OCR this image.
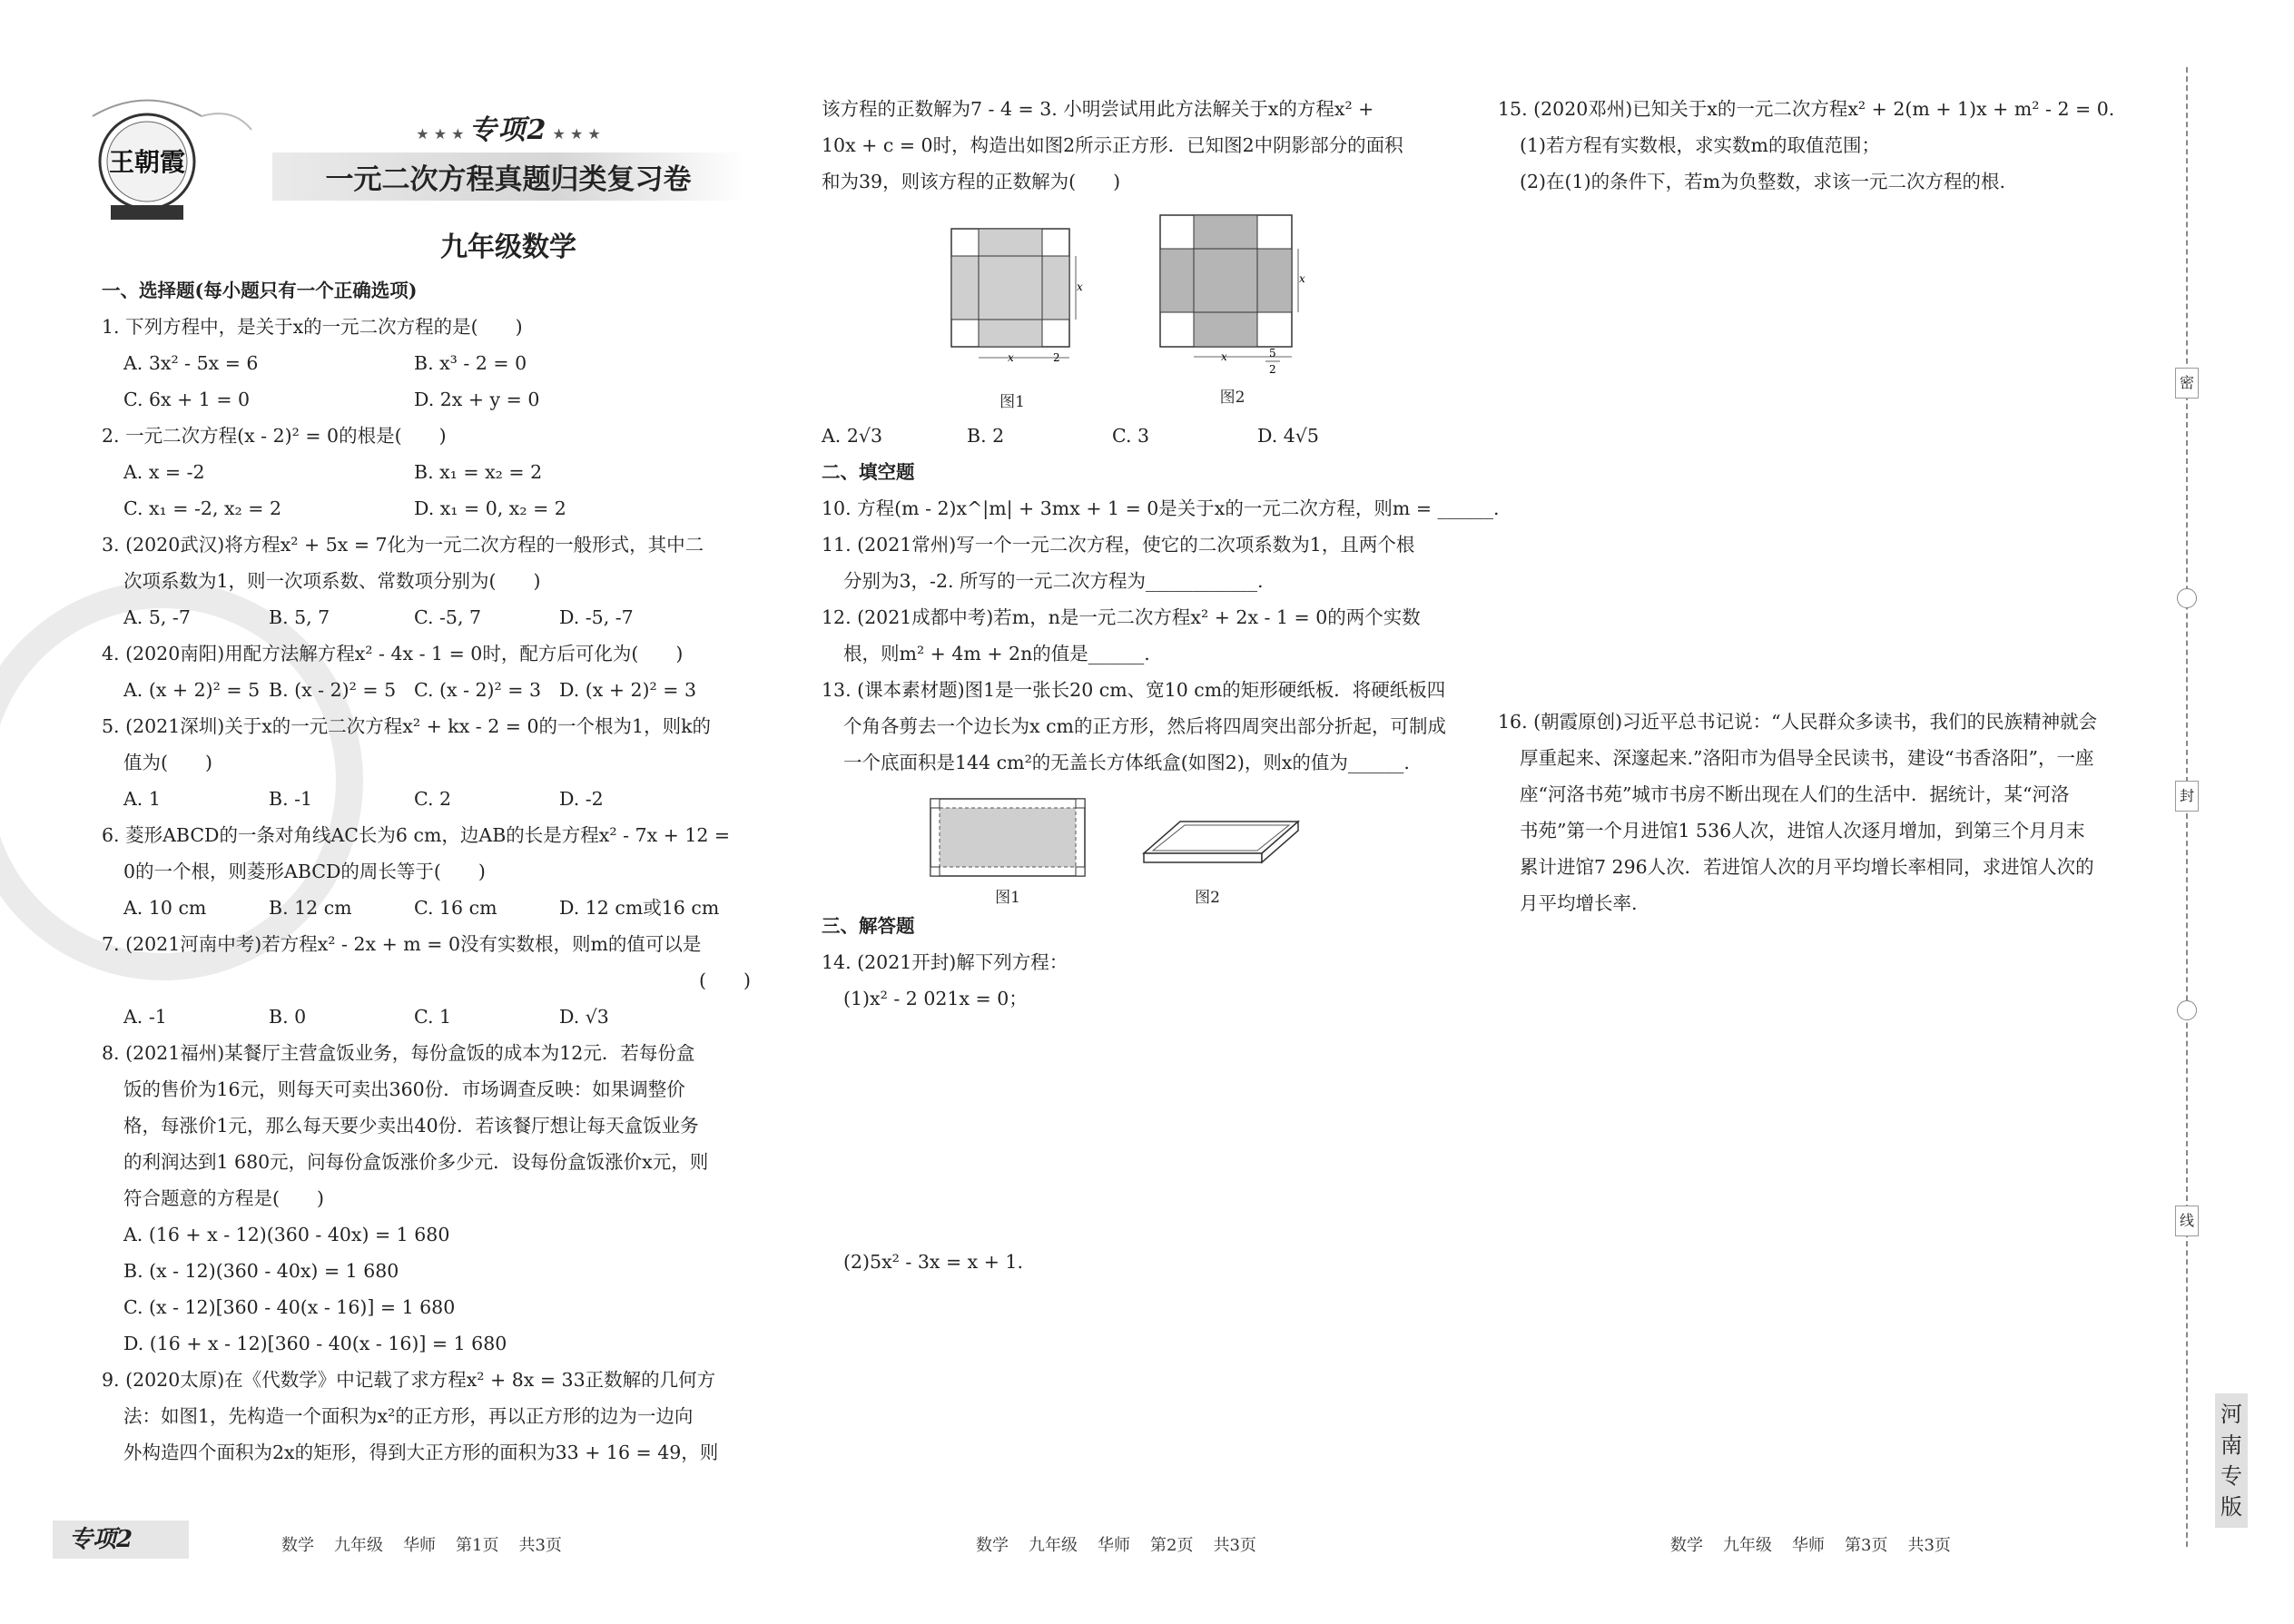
王朝霞
★ ★ ★ 专项2 ★ ★ ★
一元二次方程真题归类复习卷
九年级数学
一、选择题(每小题只有一个正确选项)
1. 下列方程中，是关于x的一元二次方程的是(　　)
A. 3x² - 5x = 6	B. x³ - 2 = 0
C. 6x + 1 = 0	D. 2x + y = 0
2. 一元二次方程(x - 2)² = 0的根是(　　)
A. x = -2	B. x₁ = x₂ = 2
C. x₁ = -2, x₂ = 2	D. x₁ = 0, x₂ = 2
3. (2020武汉)将方程x² + 5x = 7化为一元二次方程的一般形式，其中二
次项系数为1，则一次项系数、常数项分别为(　　)
A. 5, -7	B. 5, 7	C. -5, 7	D. -5, -7
4. (2020南阳)用配方法解方程x² - 4x - 1 = 0时，配方后可化为(　　)
A. (x + 2)² = 5 B. (x - 2)² = 5 C. (x - 2)² = 3 D. (x + 2)² = 3
5. (2021深圳)关于x的一元二次方程x² + kx - 2 = 0的一个根为1，则k的
值为(　　)
A. 1	B. -1	C. 2	D. -2
6. 菱形ABCD的一条对角线AC长为6 cm，边AB的长是方程x² - 7x + 12 =
0的一个根，则菱形ABCD的周长等于(　　)
A. 10 cm	B. 12 cm	C. 16 cm	D. 12 cm或16 cm
7. (2021河南中考)若方程x² - 2x + m = 0没有实数根，则m的值可以是
(　　)
A. -1	B. 0	C. 1	D. √3
8. (2021福州)某餐厅主营盒饭业务，每份盒饭的成本为12元．若每份盒
饭的售价为16元，则每天可卖出360份．市场调查反映：如果调整价
格，每涨价1元，那么每天要少卖出40份．若该餐厅想让每天盒饭业务
的利润达到1 680元，问每份盒饭涨价多少元．设每份盒饭涨价x元，则
符合题意的方程是(　　)
A. (16 + x - 12)(360 - 40x) = 1 680
B. (x - 12)(360 - 40x) = 1 680
C. (x - 12)[360 - 40(x - 16)] = 1 680
D. (16 + x - 12)[360 - 40(x - 16)] = 1 680
9. (2020太原)在《代数学》中记载了求方程x² + 8x = 33正数解的几何方
法：如图1，先构造一个面积为x²的正方形，再以正方形的边为一边向
外构造四个面积为2x的矩形，得到大正方形的面积为33 + 16 = 49，则
该方程的正数解为7 - 4 = 3. 小明尝试用此方法解关于x的方程x² +
10x + c = 0时，构造出如图2所示正方形．已知图2中阴影部分的面积
和为39，则该方程的正数解为(　　)
x
x	2
图1
x
x	5
2
图2
A. 2√3	B. 2	C. 3	D. 4√5
二、填空题
10. 方程(m - 2)x^|m| + 3mx + 1 = 0是关于x的一元二次方程，则m = ______.
11. (2021常州)写一个一元二次方程，使它的二次项系数为1，且两个根
分别为3，-2. 所写的一元二次方程为____________.
12. (2021成都中考)若m，n是一元二次方程x² + 2x - 1 = 0的两个实数
根，则m² + 4m + 2n的值是______.
13. (课本素材题)图1是一张长20 cm、宽10 cm的矩形硬纸板．将硬纸板四
个角各剪去一个边长为x cm的正方形，然后将四周突出部分折起，可制成
一个底面积是144 cm²的无盖长方体纸盒(如图2)，则x的值为______.
图1	图2
三、解答题
14. (2021开封)解下列方程：
(1)x² - 2 021x = 0；
(2)5x² - 3x = x + 1.
15. (2020邓州)已知关于x的一元二次方程x² + 2(m + 1)x + m² - 2 = 0.
(1)若方程有实数根，求实数m的取值范围；
(2)在(1)的条件下，若m为负整数，求该一元二次方程的根.
16. (朝霞原创)习近平总书记说：“人民群众多读书，我们的民族精神就会
厚重起来、深邃起来.”洛阳市为倡导全民读书，建设“书香洛阳”，一座
座“河洛书苑”城市书房不断出现在人们的生活中．据统计，某“河洛
书苑”第一个月进馆1 536人次，进馆人次逐月增加，到第三个月月末
累计进馆7 296人次．若进馆人次的月平均增长率相同，求进馆人次的
月平均增长率.
密
封
线
河南专版
专项2	数学 九年级 华师 第1页 共3页	数学 九年级 华师 第2页 共3页	数学 九年级 华师 第3页 共3页
